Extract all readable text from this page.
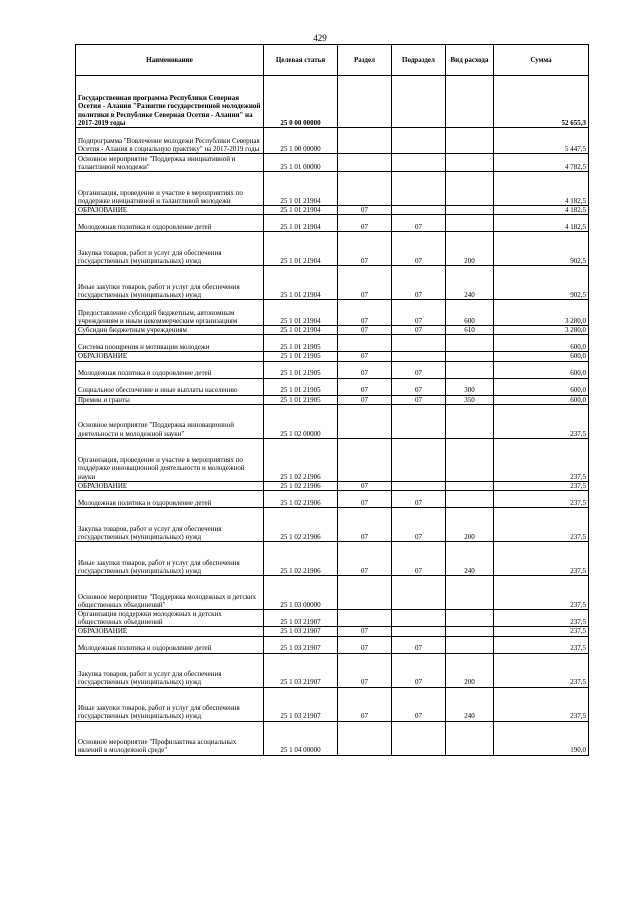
429
Наименование	Целевая статья	Раздел	Подраздел	Вид расхода	Сумма
Государственная программа Республики Северная Осетия - Алания "Развитие государственной молодежной политики в Республике Северная Осетия - Алания" на 2017-2019 годы	25 0 00 00000				52 655,3
Подпрограмма "Вовлечение молодежи Республики Северная Осетия - Алания в социальную практику" на 2017-2019 годы	25 1 00 00000				5 447,5
Основное мероприятие "Поддержка инициативной и талантливой молодежи"	25 1 01 00000				4 782,5
Организация, проведение и участие в мероприятиях по поддержке инициативной и талантливой молодежи	25 1 01 21904				4 182,5
ОБРАЗОВАНИЕ	25 1 01 21904	07			4 182,5
Молодежная политика и оздоровление детей	25 1 01 21904	07	07		4 182,5
Закупка товаров, работ и услуг для обеспечения государственных (муниципальных) нужд	25 1 01 21904	07	07	200	902,5
Иные закупки товаров, работ и услуг для обеспечения государственных (муниципальных) нужд	25 1 01 21904	07	07	240	902,5
Предоставление субсидий бюджетным, автономным учреждениям и иным некоммерческим организациям	25 1 01 21904	07	07	600	3 280,0
Субсидии бюджетным учреждениям	25 1 01 21904	07	07	610	3 280,0
Система поощрения и мотивации молодежи	25 1 01 21905				600,0
ОБРАЗОВАНИЕ	25 1 01 21905	07			600,0
Молодежная политика и оздоровление детей	25 1 01 21905	07	07		600,0
Социальное обеспечение и иные выплаты населению	25 1 01 21905	07	07	300	600,0
Премии и гранты	25 1 01 21905	07	07	350	600,0
Основное мероприятие "Поддержка инновационной деятельности и молодежной науки"	25 1 02 00000				237,5
Организация, проведение и участие в мероприятиях по поддержке инновационной деятельности и молодежной науки	25 1 02 21906				237,5
ОБРАЗОВАНИЕ	25 1 02 21906	07			237,5
Молодежная политика и оздоровление детей	25 1 02 21906	07	07		237,5
Закупка товаров, работ и услуг для обеспечения государственных (муниципальных) нужд	25 1 02 21906	07	07	200	237,5
Иные закупки товаров, работ и услуг для обеспечения государственных (муниципальных) нужд	25 1 02 21906	07	07	240	237,5
Основное мероприятие "Поддержка молодежных и детских общественных объединений"	25 1 03 00000				237,5
Организация поддержки молодежных и детских общественных объединений	25 1 03 21907				237,5
ОБРАЗОВАНИЕ	25 1 03 21907	07			237,5
Молодежная политика и оздоровление детей	25 1 03 21907	07	07		237,5
Закупка товаров, работ и услуг для обеспечения государственных (муниципальных) нужд	25 1 03 21907	07	07	200	237,5
Иные закупки товаров, работ и услуг для обеспечения государственных (муниципальных) нужд	25 1 03 21907	07	07	240	237,5
Основное мероприятие "Профилактика асоциальных явлений в молодежной среде"	25 1 04 00000				190,0
